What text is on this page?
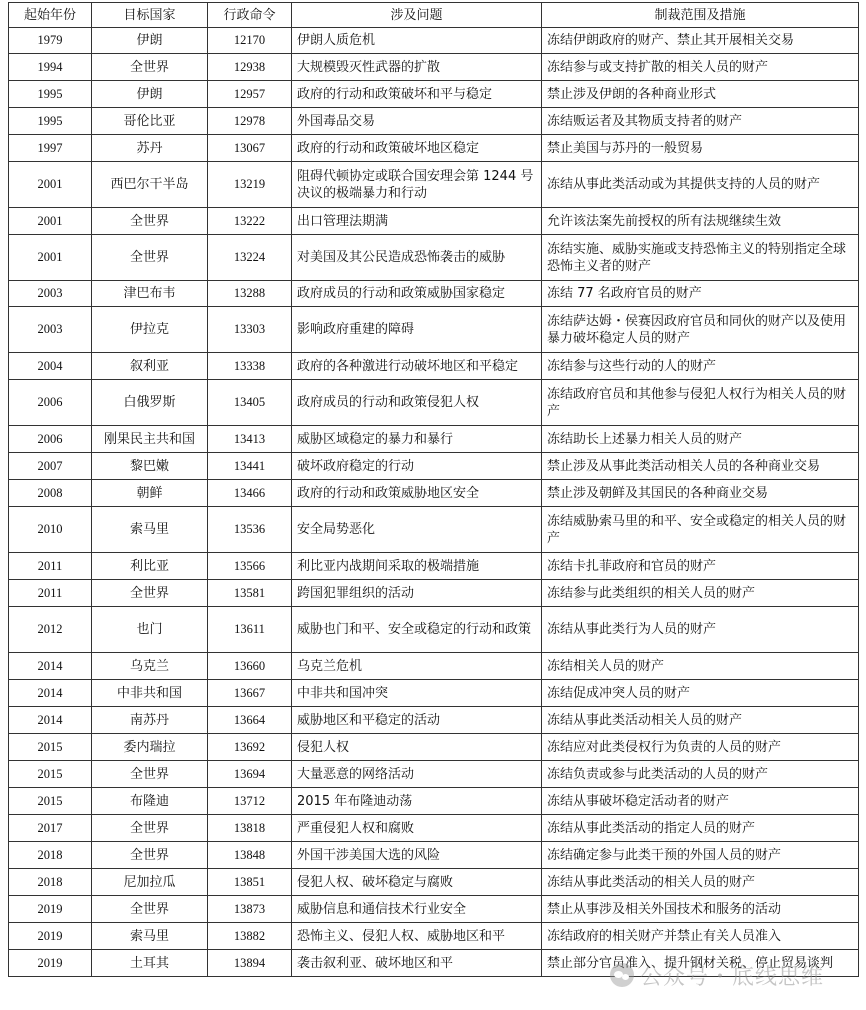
起始年份	目标国家	行政命令	涉及问题	制裁范围及措施
1979	伊朗	12170	伊朗人质危机	冻结伊朗政府的财产、禁止其开展相关交易
1994	全世界	12938	大规模毁灭性武器的扩散	冻结参与或支持扩散的相关人员的财产
1995	伊朗	12957	政府的行动和政策破坏和平与稳定	禁止涉及伊朗的各种商业形式
1995	哥伦比亚	12978	外国毒品交易	冻结贩运者及其物质支持者的财产
1997	苏丹	13067	政府的行动和政策破坏地区稳定	禁止美国与苏丹的一般贸易
2001	西巴尔干半岛	13219	阻碍代顿协定或联合国安理会第 1244 号决议的极端暴力和行动	冻结从事此类活动或为其提供支持的人员的财产
2001	全世界	13222	出口管理法期满	允许该法案先前授权的所有法规继续生效
2001	全世界	13224	对美国及其公民造成恐怖袭击的威胁	冻结实施、威胁实施或支持恐怖主义的特别指定全球恐怖主义者的财产
2003	津巴布韦	13288	政府成员的行动和政策威胁国家稳定	冻结 77 名政府官员的财产
2003	伊拉克	13303	影响政府重建的障碍	冻结萨达姆・侯赛因政府官员和同伙的财产以及使用暴力破坏稳定人员的财产
2004	叙利亚	13338	政府的各种激进行动破坏地区和平稳定	冻结参与这些行动的人的财产
2006	白俄罗斯	13405	政府成员的行动和政策侵犯人权	冻结政府官员和其他参与侵犯人权行为相关人员的财产
2006	刚果民主共和国	13413	威胁区域稳定的暴力和暴行	冻结助长上述暴力相关人员的财产
2007	黎巴嫩	13441	破坏政府稳定的行动	禁止涉及从事此类活动相关人员的各种商业交易
2008	朝鲜	13466	政府的行动和政策威胁地区安全	禁止涉及朝鲜及其国民的各种商业交易
2010	索马里	13536	安全局势恶化	冻结威胁索马里的和平、安全或稳定的相关人员的财产
2011	利比亚	13566	利比亚内战期间采取的极端措施	冻结卡扎菲政府和官员的财产
2011	全世界	13581	跨国犯罪组织的活动	冻结参与此类组织的相关人员的财产
2012	也门	13611	威胁也门和平、安全或稳定的行动和政策	冻结从事此类行为人员的财产
2014	乌克兰	13660	乌克兰危机	冻结相关人员的财产
2014	中非共和国	13667	中非共和国冲突	冻结促成冲突人员的财产
2014	南苏丹	13664	威胁地区和平稳定的活动	冻结从事此类活动相关人员的财产
2015	委内瑞拉	13692	侵犯人权	冻结应对此类侵权行为负责的人员的财产
2015	全世界	13694	大量恶意的网络活动	冻结负责或参与此类活动的人员的财产
2015	布隆迪	13712	2015 年布隆迪动荡	冻结从事破坏稳定活动者的财产
2017	全世界	13818	严重侵犯人权和腐败	冻结从事此类活动的指定人员的财产
2018	全世界	13848	外国干涉美国大选的风险	冻结确定参与此类干预的外国人员的财产
2018	尼加拉瓜	13851	侵犯人权、破坏稳定与腐败	冻结从事此类活动的相关人员的财产
2019	全世界	13873	威胁信息和通信技术行业安全	禁止从事涉及相关外国技术和服务的活动
2019	索马里	13882	恐怖主义、侵犯人权、威胁地区和平	冻结政府的相关财产并禁止有关人员准入
2019	土耳其	13894	袭击叙利亚、破坏地区和平	禁止部分官员准入、提升钢材关税、停止贸易谈判
公众号・底线思维
